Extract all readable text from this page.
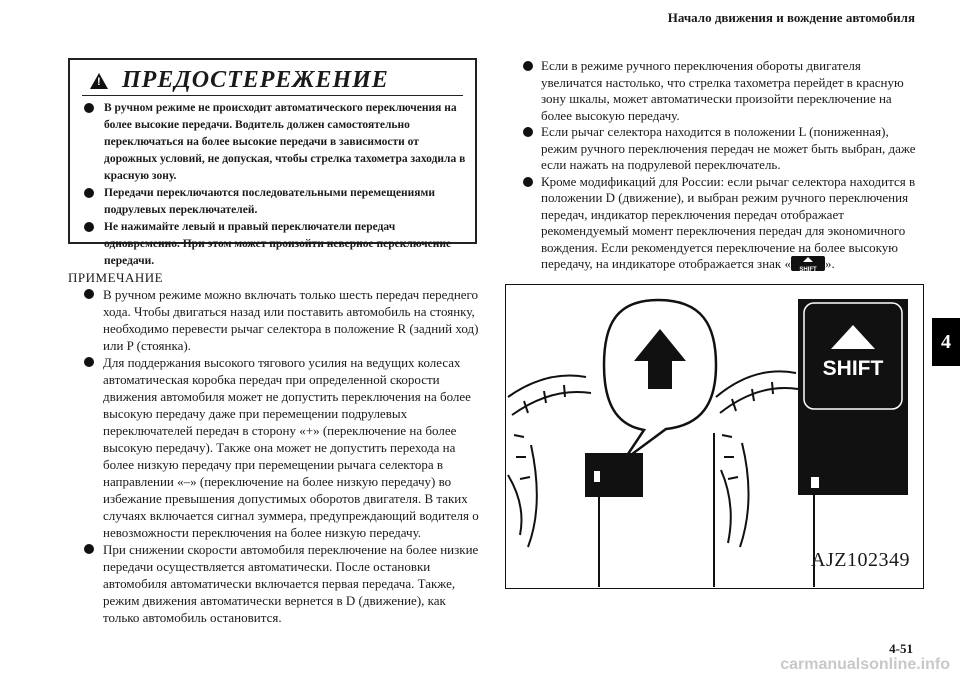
Начало движения и вождение автомобиля
4
!
ПРЕДОСТЕРЕЖЕНИЕ
В ручном режиме не происходит автоматического переключения на более высокие передачи. Водитель должен самостоятельно переключаться на более высокие передачи в зависимости от дорожных условий, не допуская, чтобы стрелка тахометра заходила в красную зону.
Передачи переключаются последовательными перемещениями подрулевых переключателей.
Не нажимайте левый и правый переключатели передач одновременно. При этом может произойти неверное переключение передачи.
ПРИМЕЧАНИЕ
В ручном режиме можно включать только шесть передач переднего хода. Чтобы двигаться назад или поставить автомобиль на стоянку, необходимо перевести рычаг селектора в положение R (задний ход) или P (стоянка).
Для поддержания высокого тягового усилия на ведущих колесах автоматическая коробка передач при определенной скорости движения автомобиля может не допустить переключения на более высокую передачу даже при перемещении подрулевых переключателей передач в сторону «+» (переключение на более высокую передачу). Также она может не допустить перехода на более низкую передачу при перемещении рычага селектора в направлении «–» (переключение на более низкую передачу) во избежание превышения допустимых оборотов двигателя. В таких случаях включается сигнал зуммера, предупреждающий водителя о невозможности переключения на более низкую передачу.
При снижении скорости автомобиля переключение на более низкие передачи осуществляется автоматически. После остановки автомобиля автоматически включается первая передача. Также, режим движения автоматически вернется в D (движение), как только автомобиль остановится.
Если в режиме ручного переключения обороты двигателя увеличатся настолько, что стрелка тахометра перейдет в красную зону шкалы, может автоматически произойти переключение на более высокую передачу.
Если рычаг селектора находится в положении L (пониженная), режим ручного переключения передач не может быть выбран, даже если нажать на подрулевой переключатель.
Кроме модификаций для России: если рычаг селектора находится в положении D (движение), и выбран режим ручного переключения передач, индикатор переключения передач отображает рекомендуемый момент переключения передач для экономичного вождения. Если рекомендуется переключение на более высокую передачу, на индикаторе отображается знак «	SHIFT ».
SHIFT
AJZ102349
4-51
carmanualsonline.info
